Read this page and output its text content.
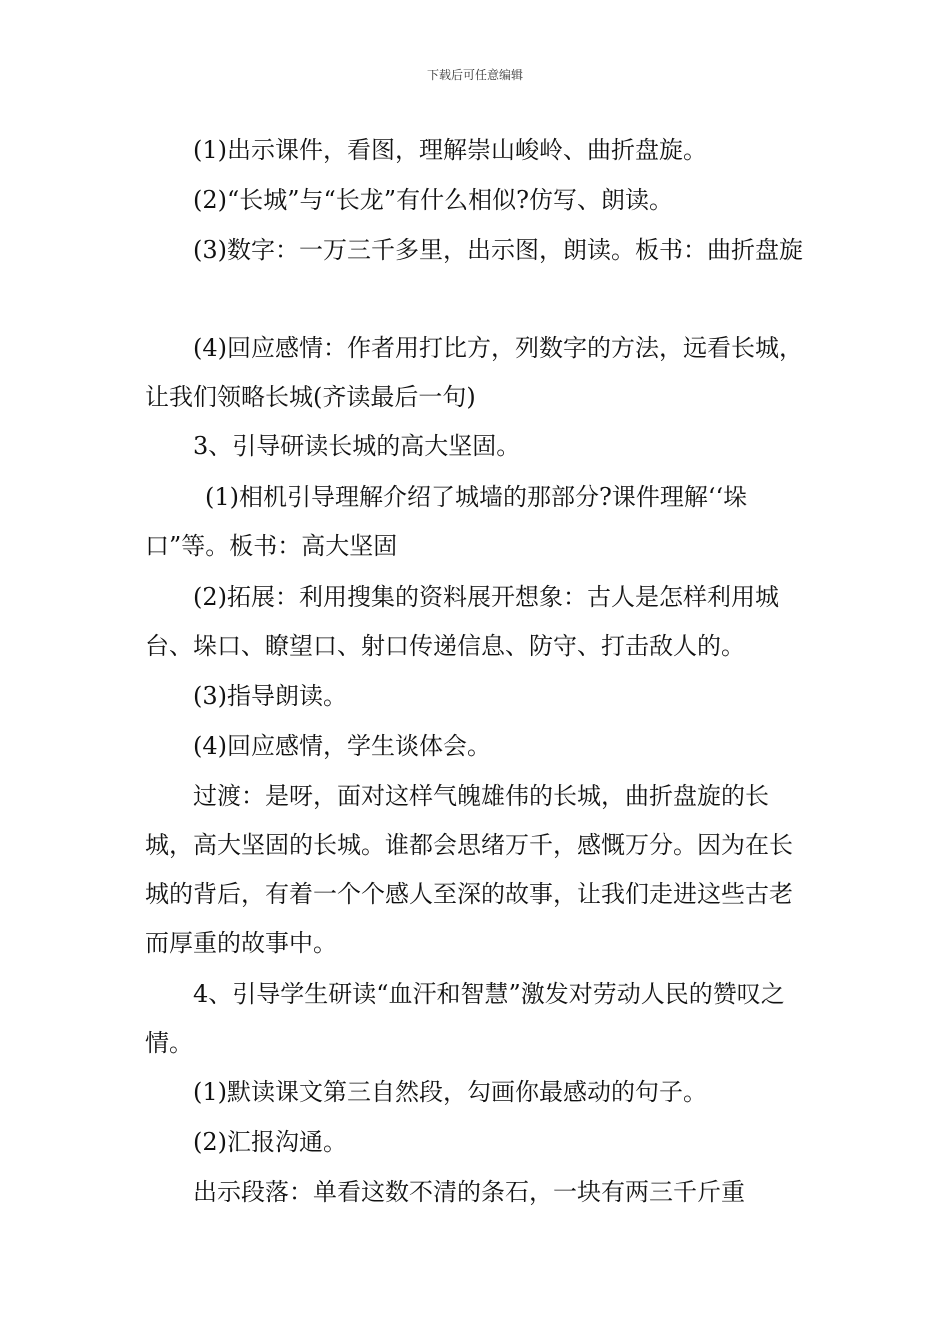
下载后可任意编辑

(1)出示课件，看图，理解崇山峻岭、曲折盘旋。

(2)“长城”与“长龙”有什么相似?仿写、朗读。

(3)数字：一万三千多里，出示图，朗读。板书：曲折盘旋

(4)回应感情：作者用打比方，列数字的方法，远看长城，让我们领略长城(齐读最后一句)

3、引导研读长城的高大坚固。

(1)相机引导理解介绍了城墙的那部分?课件理解‘‘垛口”等。板书：高大坚固

(2)拓展：利用搜集的资料展开想象：古人是怎样利用城台、垛口、瞭望口、射口传递信息、防守、打击敌人的。

(3)指导朗读。

(4)回应感情，学生谈体会。

过渡：是呀，面对这样气魄雄伟的长城，曲折盘旋的长城，高大坚固的长城。谁都会思绪万千，感慨万分。因为在长城的背后，有着一个个感人至深的故事，让我们走进这些古老而厚重的故事中。

4、引导学生研读“血汗和智慧”激发对劳动人民的赞叹之情。

(1)默读课文第三自然段，勾画你最感动的句子。

(2)汇报沟通。

出示段落：单看这数不清的条石，一块有两三千斤重
